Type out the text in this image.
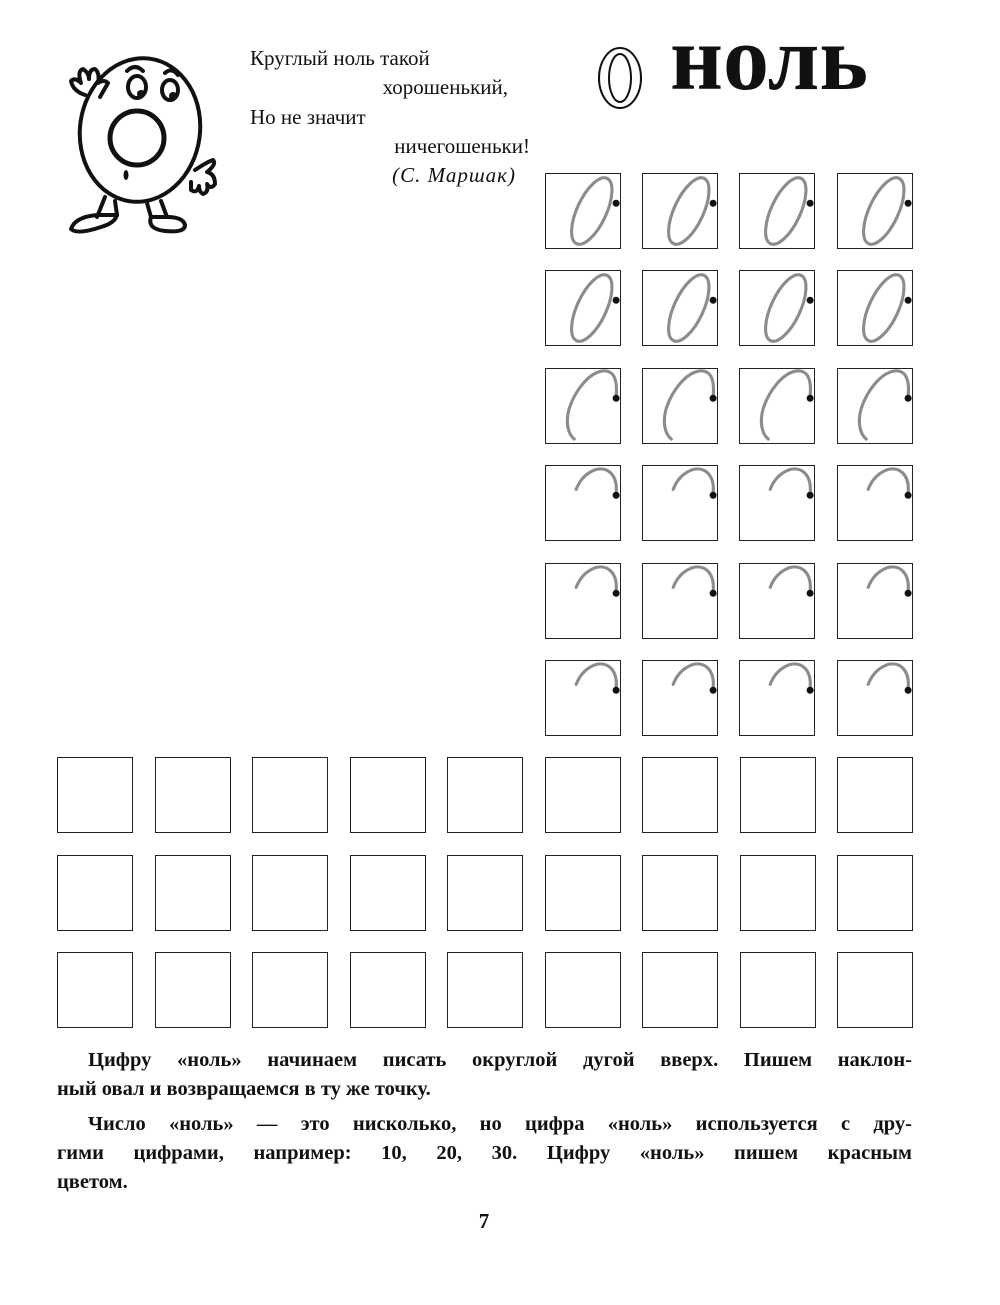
Круглый ноль такой
хорошенький,
Но не значит
ничегошеньки!
(С. Маршак)
ноль
Цифру «ноль» начинаем писать округлой дугой вверх. Пишем наклон-
ный овал и возвращаемся в ту же точку.
Число «ноль» — это нисколько, но цифра «ноль» используется с дру-
гими цифрами, например: 10, 20, 30. Цифру «ноль» пишем красным
цветом.
7
